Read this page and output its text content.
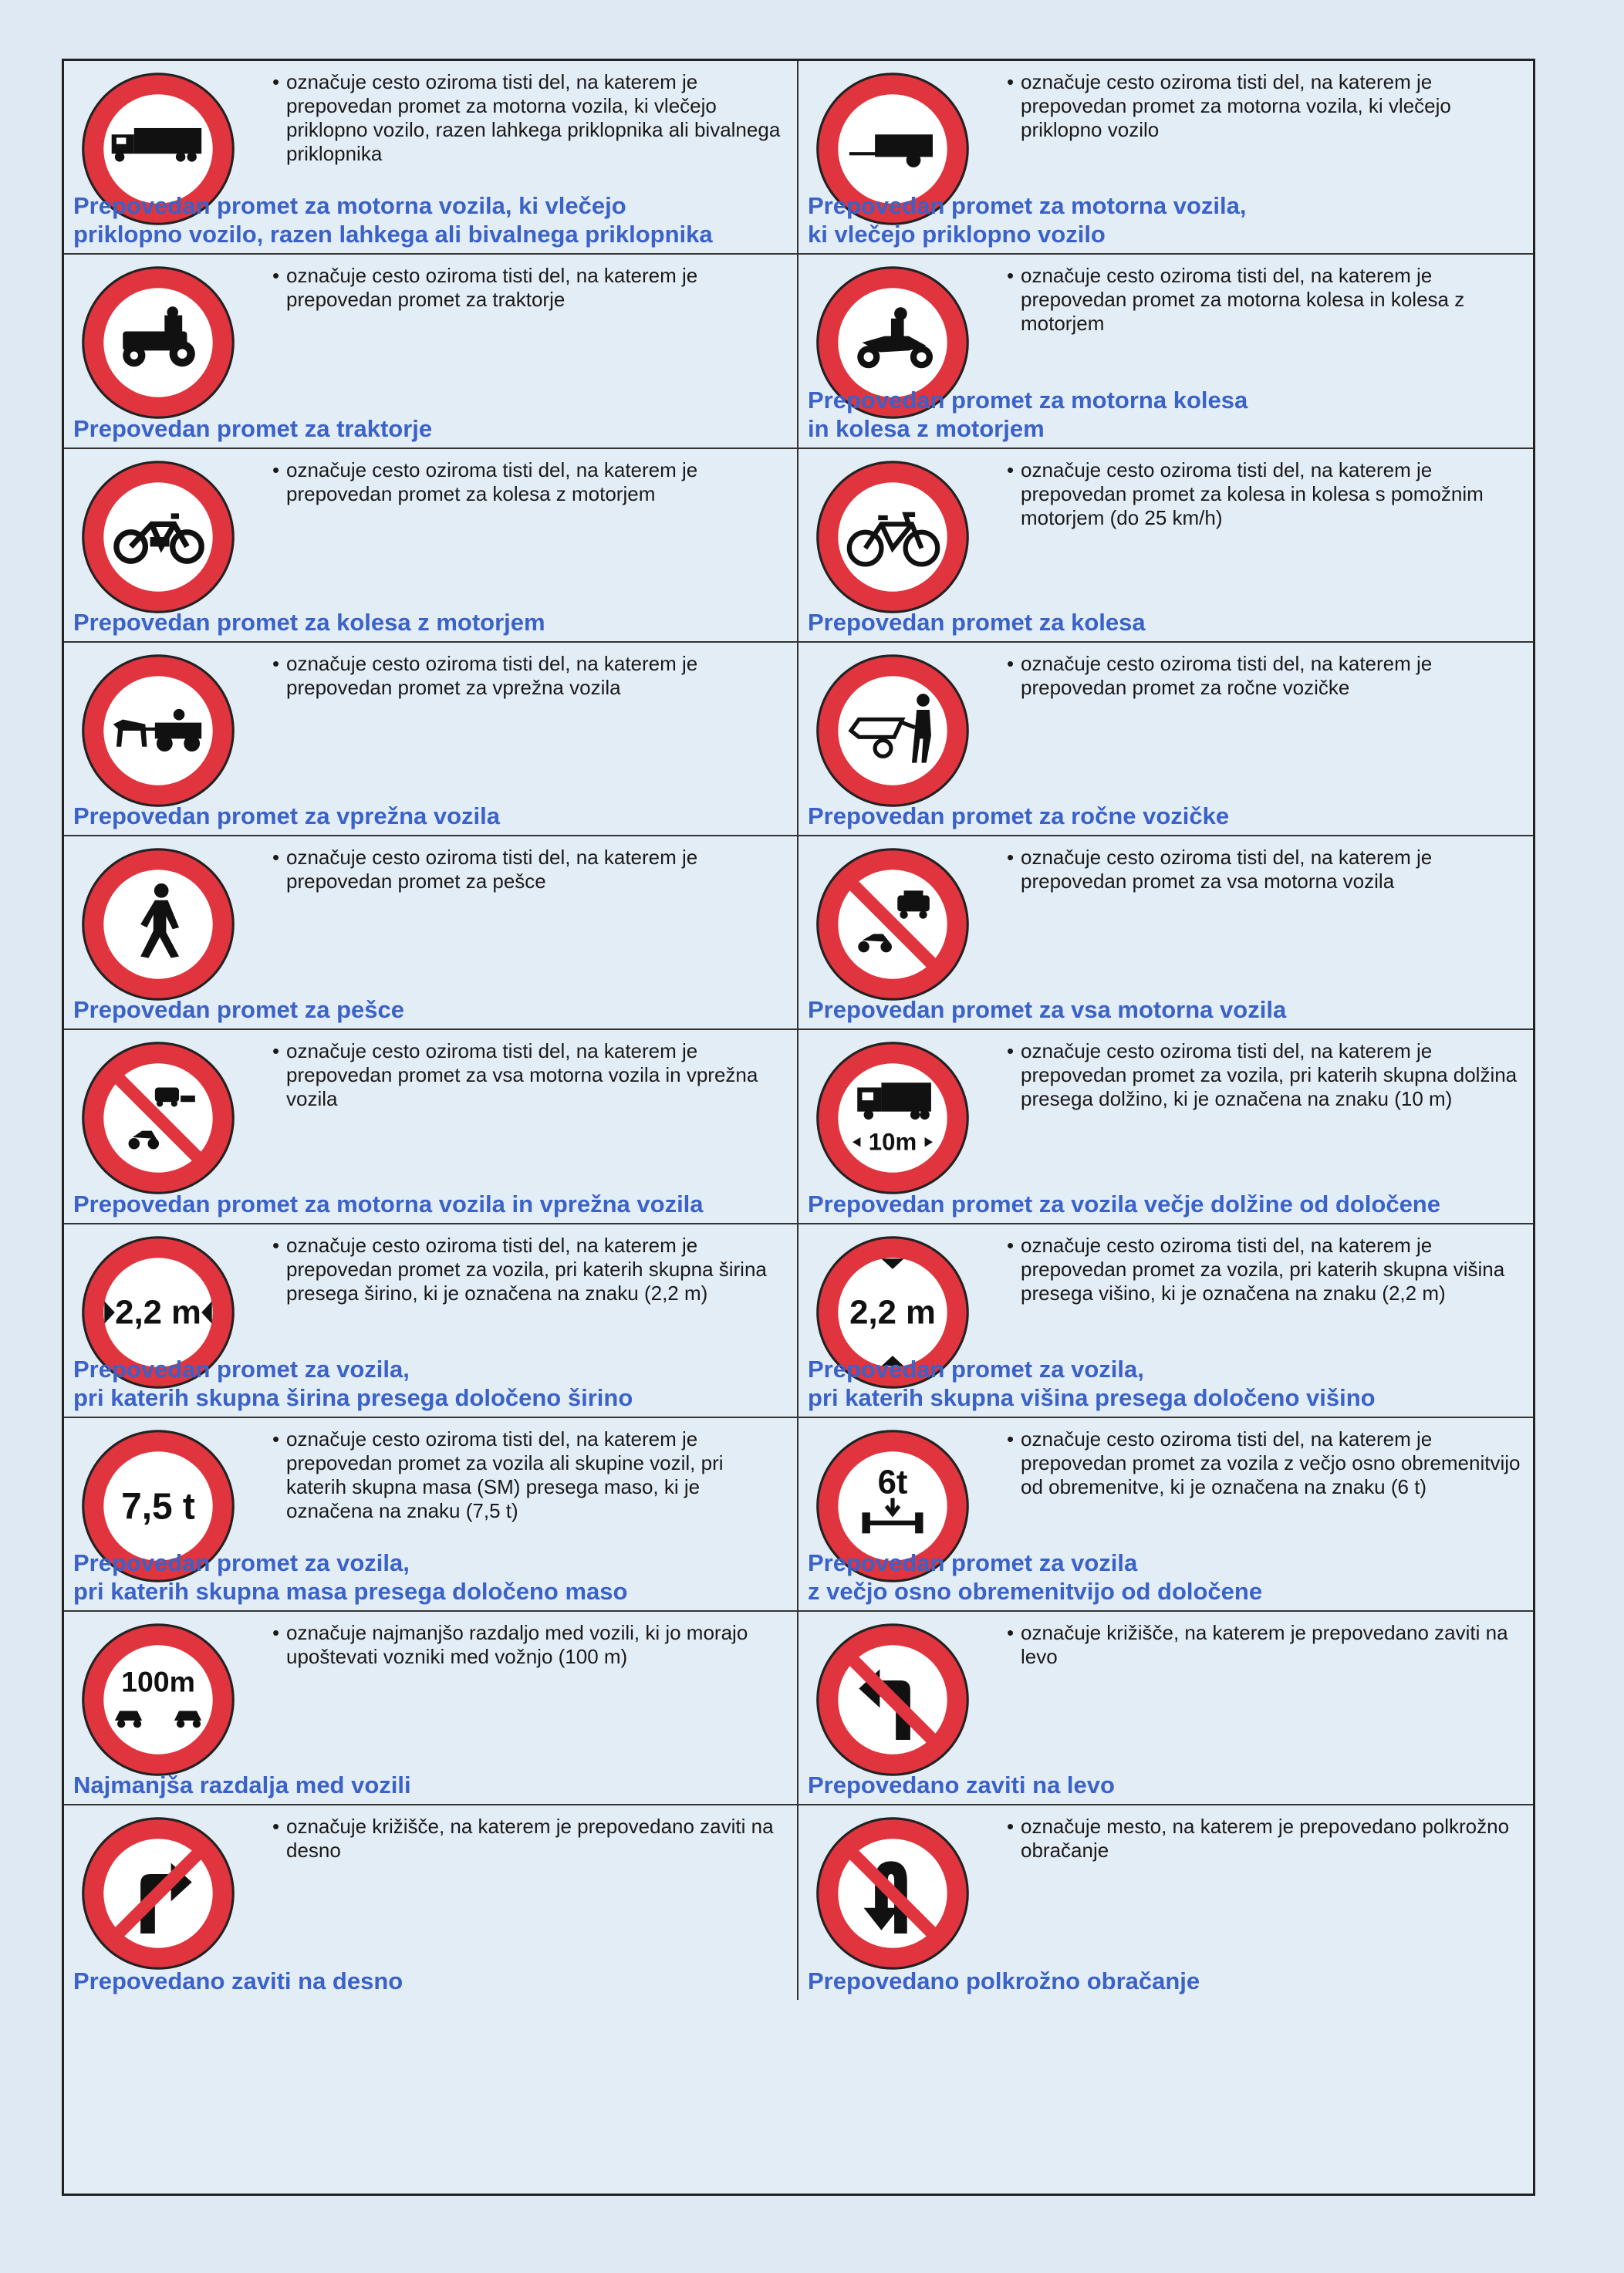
• označuje cesto oziroma tisti del, na katerem je prepovedan promet za motorna vozila, ki vlečejo priklopno vozilo, razen lahkega priklopnika ali bivalnega priklopnika
Prepovedan promet za motorna vozila, ki vlečejo
priklopno vozilo, razen lahkega ali bivalnega priklopnika
• označuje cesto oziroma tisti del, na katerem je prepovedan promet za motorna vozila, ki vlečejo priklopno vozilo
Prepovedan promet za motorna vozila,
ki vlečejo priklopno vozilo
• označuje cesto oziroma tisti del, na katerem je prepovedan promet za traktorje
Prepovedan promet za traktorje
• označuje cesto oziroma tisti del, na katerem je prepovedan promet za motorna kolesa in kolesa z motorjem
Prepovedan promet za motorna kolesa
in kolesa z motorjem
• označuje cesto oziroma tisti del, na katerem je prepovedan promet za kolesa z motorjem
Prepovedan promet za kolesa z motorjem
• označuje cesto oziroma tisti del, na katerem je prepovedan promet za kolesa in kolesa s pomožnim motorjem (do 25 km/h)
Prepovedan promet za kolesa
• označuje cesto oziroma tisti del, na katerem je prepovedan promet za vprežna vozila
Prepovedan promet za vprežna vozila
• označuje cesto oziroma tisti del, na katerem je prepovedan promet za ročne vozičke
Prepovedan promet za ročne vozičke
• označuje cesto oziroma tisti del, na katerem je prepovedan promet za pešce
Prepovedan promet za pešce
• označuje cesto oziroma tisti del, na katerem je prepovedan promet za vsa motorna vozila
Prepovedan promet za vsa motorna vozila
• označuje cesto oziroma tisti del, na katerem je prepovedan promet za vsa motorna vozila in vprežna vozila
Prepovedan promet za motorna vozila in vprežna vozila
10m
• označuje cesto oziroma tisti del, na katerem je prepovedan promet za vozila, pri katerih skupna dolžina presega dolžino, ki je označena na znaku (10 m)
Prepovedan promet za vozila večje dolžine od določene
2,2 m
• označuje cesto oziroma tisti del, na katerem je prepovedan promet za vozila, pri katerih skupna širina presega širino, ki je označena na znaku (2,2 m)
Prepovedan promet za vozila,
pri katerih skupna širina presega določeno širino
2,2 m
• označuje cesto oziroma tisti del, na katerem je prepovedan promet za vozila, pri katerih skupna višina presega višino, ki je označena na znaku (2,2 m)
Prepovedan promet za vozila,
pri katerih skupna višina presega določeno višino
7,5 t
• označuje cesto oziroma tisti del, na katerem je prepovedan promet za vozila ali skupine vozil, pri katerih skupna masa (SM) presega maso, ki je označena na znaku (7,5 t)
Prepovedan promet za vozila,
pri katerih skupna masa presega določeno maso
6t
• označuje cesto oziroma tisti del, na katerem je prepovedan promet za vozila z večjo osno obremenitvijo od obremenitve, ki je označena na znaku (6 t)
Prepovedan promet za vozila
z večjo osno obremenitvijo od določene
100m
• označuje najmanjšo razdaljo med vozili, ki jo morajo upoštevati vozniki med vožnjo (100 m)
Najmanjša razdalja med vozili
• označuje križišče, na katerem je prepovedano zaviti na levo
Prepovedano zaviti na levo
• označuje križišče, na katerem je prepovedano zaviti na desno
Prepovedano zaviti na desno
• označuje mesto, na katerem je prepovedano polkrožno obračanje
Prepovedano polkrožno obračanje
